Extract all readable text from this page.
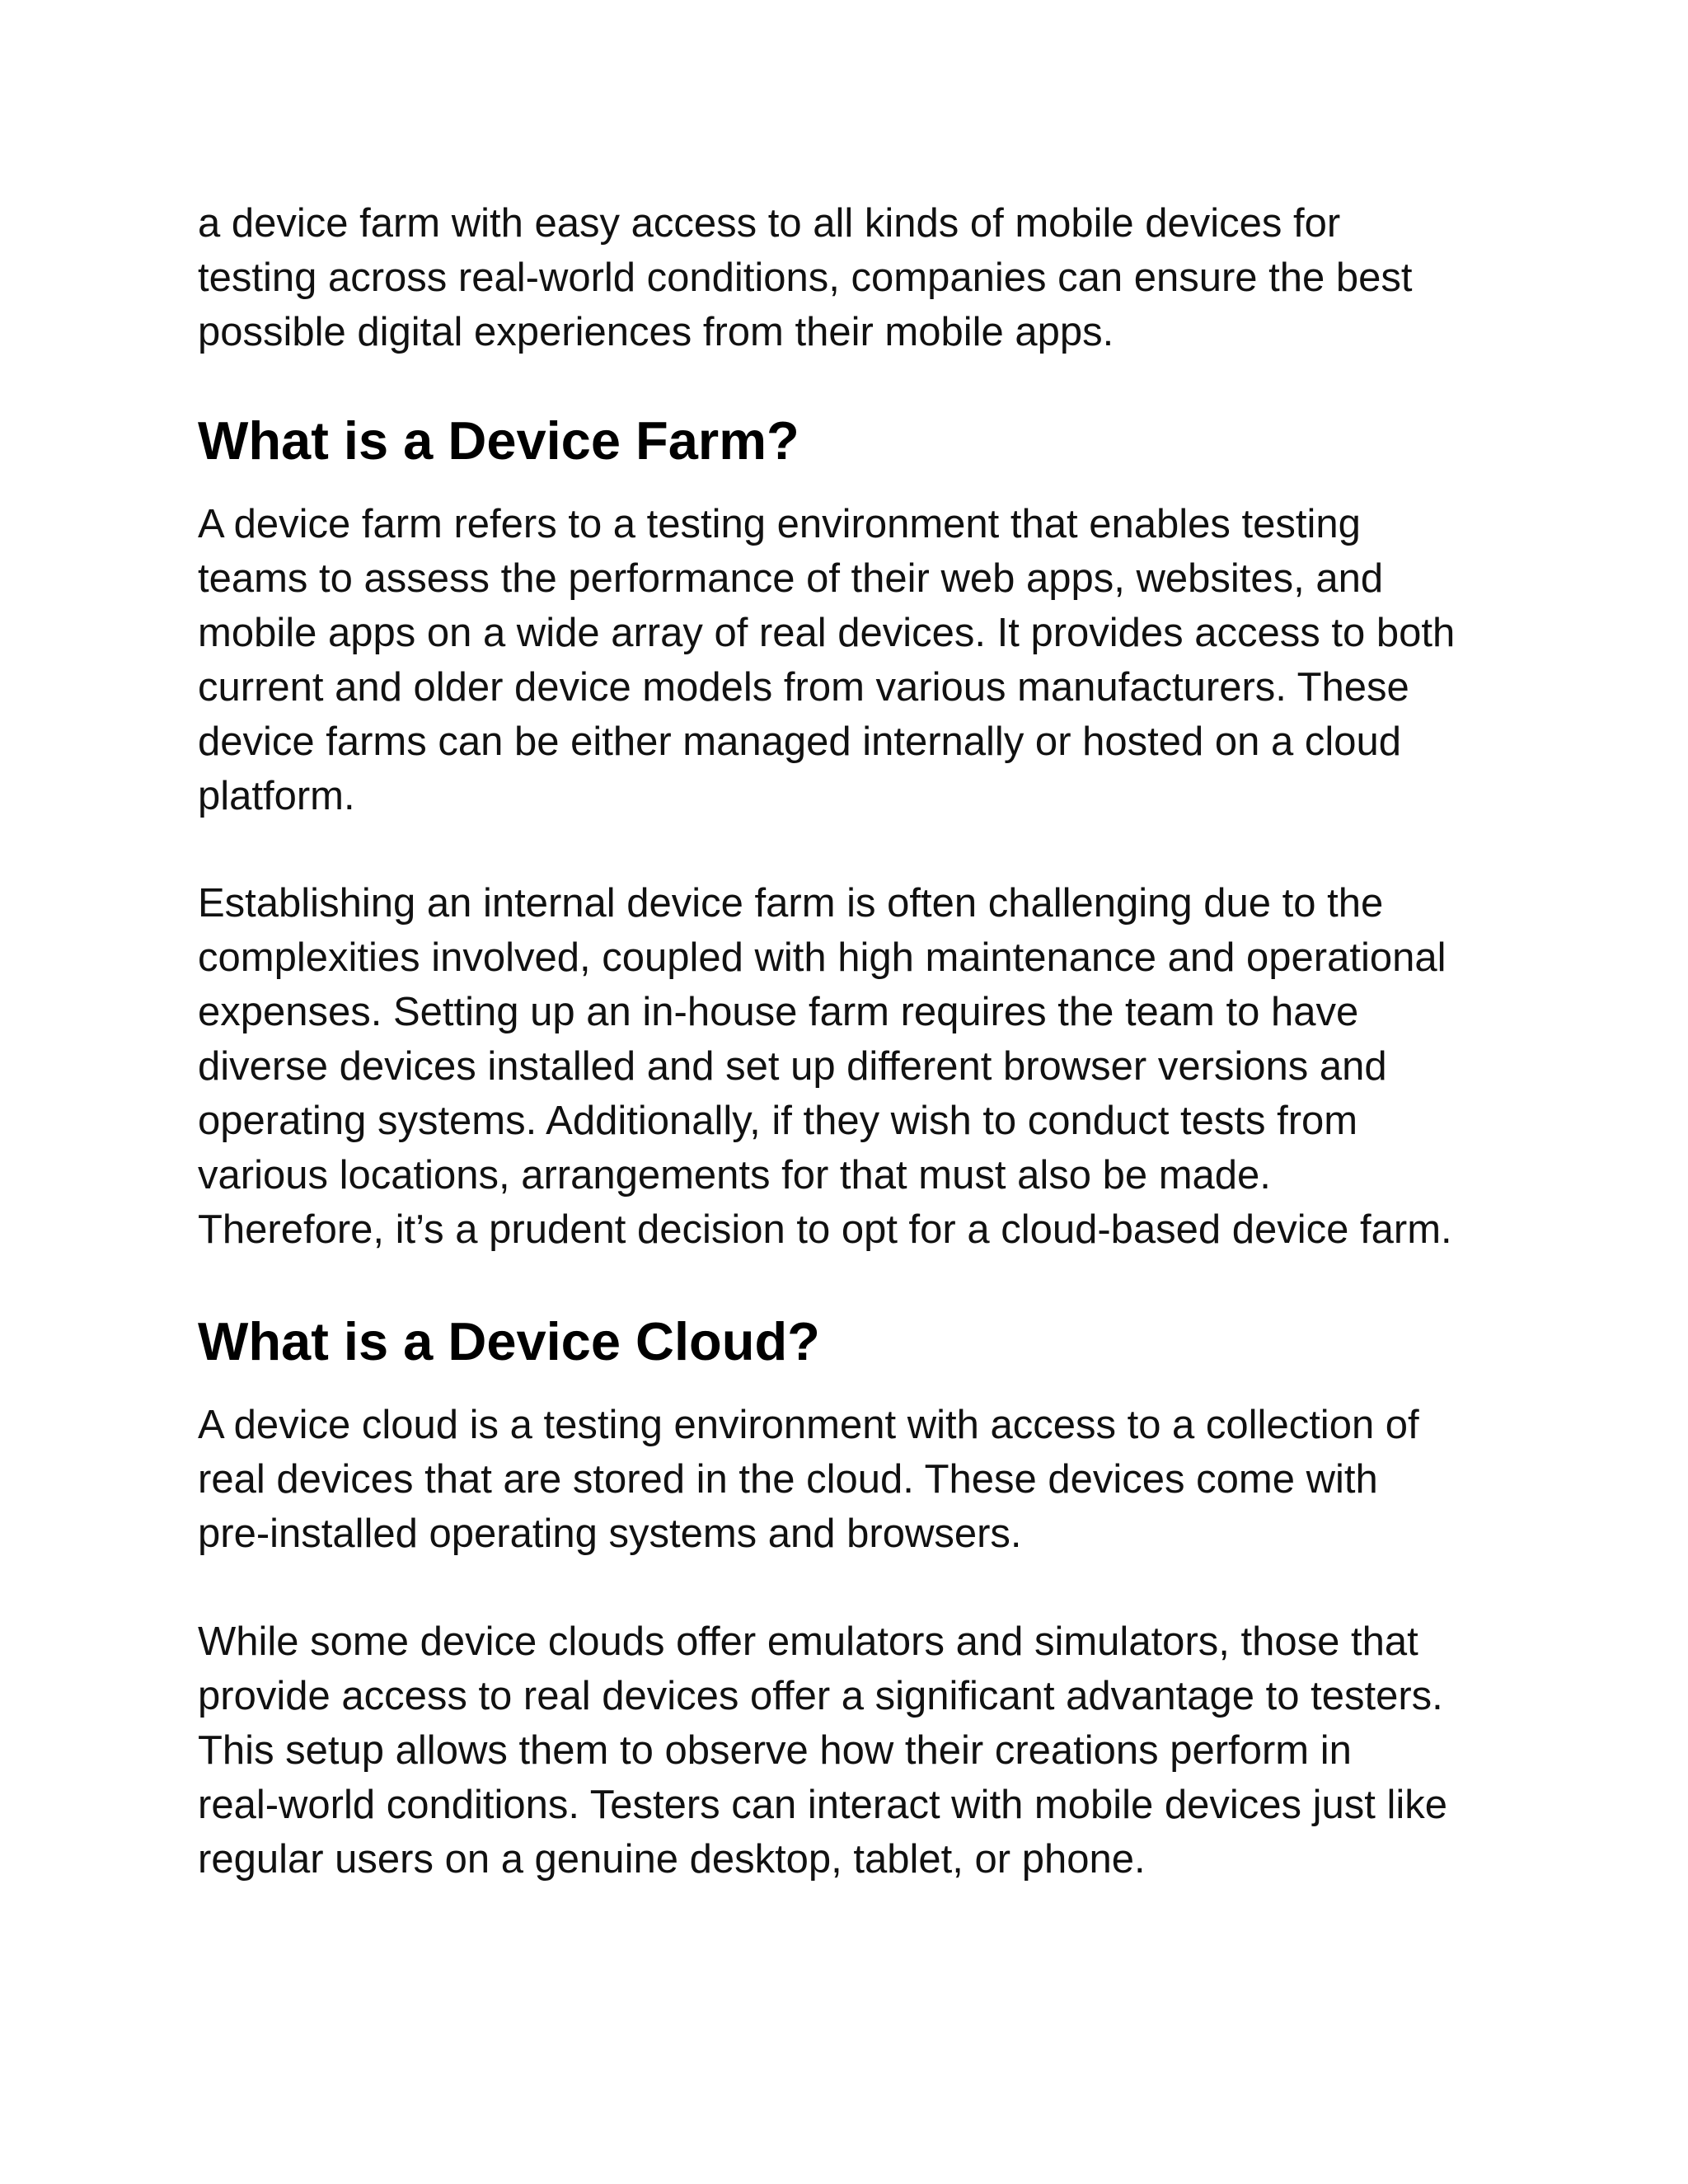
a device farm with easy access to all kinds of mobile devices for

testing across real-world conditions, companies can ensure the best

possible digital experiences from their mobile apps.

What is a Device Farm?

A device farm refers to a testing environment that enables testing

teams to assess the performance of their web apps, websites, and

mobile apps on a wide array of real devices. It provides access to both

current and older device models from various manufacturers. These

device farms can be either managed internally or hosted on a cloud

platform.

Establishing an internal device farm is often challenging due to the

complexities involved, coupled with high maintenance and operational

expenses. Setting up an in-house farm requires the team to have

diverse devices installed and set up different browser versions and

operating systems. Additionally, if they wish to conduct tests from

various locations, arrangements for that must also be made.

Therefore, it’s a prudent decision to opt for a cloud-based device farm.

What is a Device Cloud?

A device cloud is a testing environment with access to a collection of

real devices that are stored in the cloud. These devices come with

pre-installed operating systems and browsers.

While some device clouds offer emulators and simulators, those that

provide access to real devices offer a significant advantage to testers.

This setup allows them to observe how their creations perform in

real-world conditions. Testers can interact with mobile devices just like

regular users on a genuine desktop, tablet, or phone.
